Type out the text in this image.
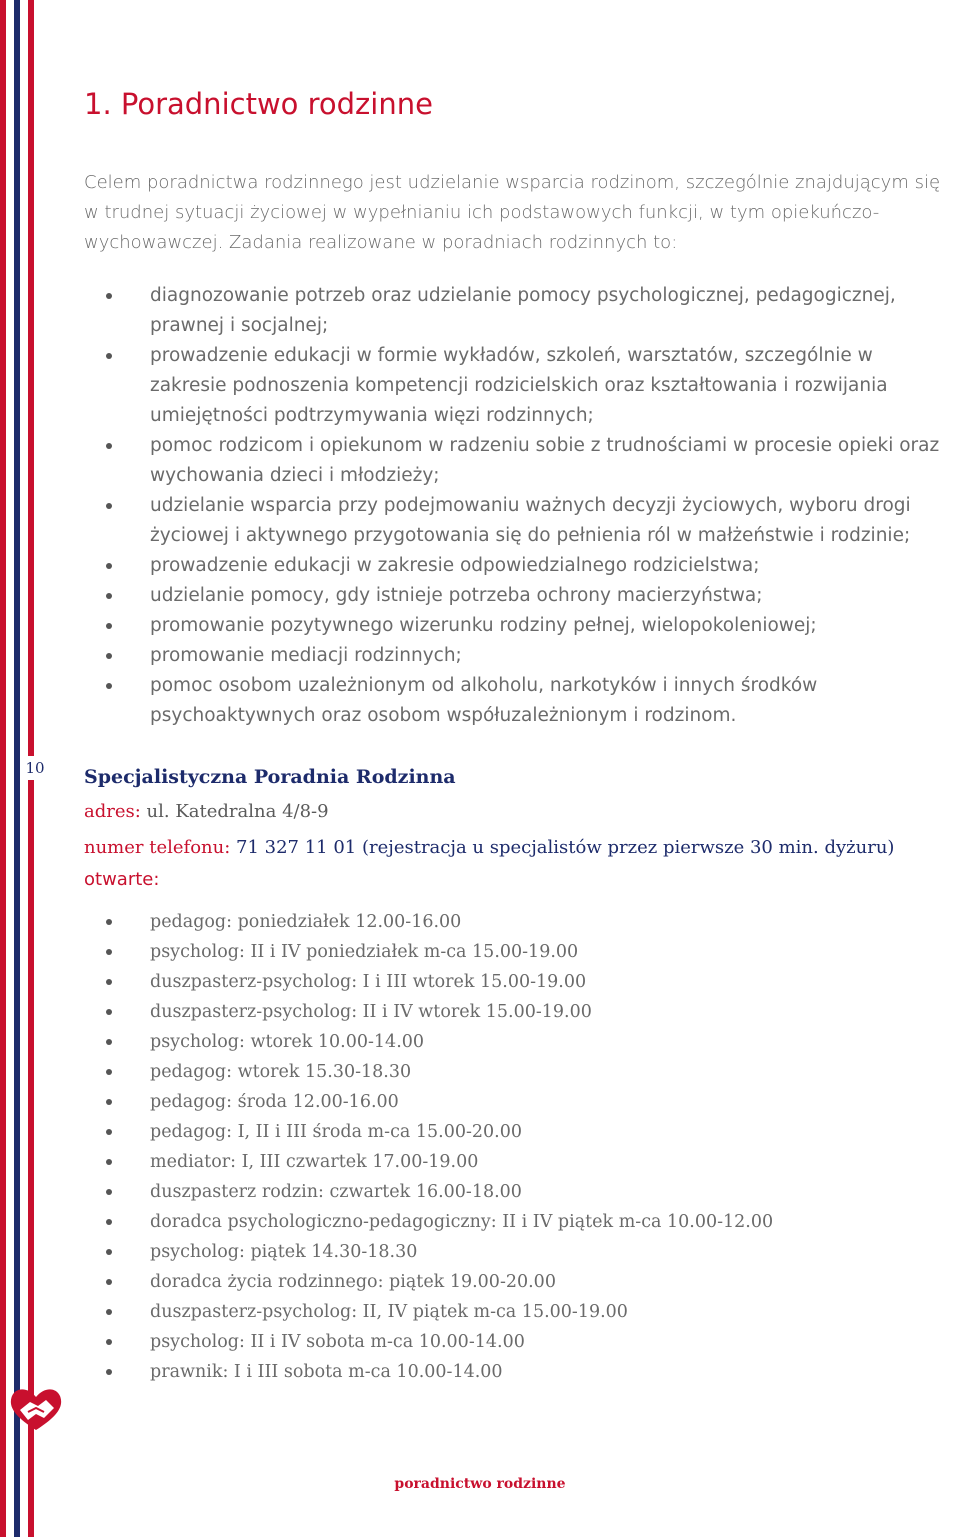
10
1. Poradnictwo rodzinne

Celem poradnictwa rodzinnego jest udzielanie wsparcia rodzinom, szczególnie znajdującym się w trudnej sytuacji życiowej w wypełnianiu ich podstawowych funkcji, w tym opiekuńczo-wychowawczej. Zadania realizowane w poradniach rodzinnych to:

diagnozowanie potrzeb oraz udzielanie pomocy psychologicznej, pedagogicznej, prawnej i socjalnej;
prowadzenie edukacji w formie wykładów, szkoleń, warsztatów, szczególnie w zakresie podnoszenia kompetencji rodzicielskich oraz kształtowania i rozwijania umiejętności podtrzymywania więzi rodzinnych;
pomoc rodzicom i opiekunom w radzeniu sobie z trudnościami w procesie opieki oraz wychowania dzieci i młodzieży;
udzielanie wsparcia przy podejmowaniu ważnych decyzji życiowych, wyboru drogi życiowej i aktywnego przygotowania się do pełnienia ról w małżeństwie i rodzinie;
prowadzenie edukacji w zakresie odpowiedzialnego rodzicielstwa;
udzielanie pomocy, gdy istnieje potrzeba ochrony macierzyństwa;
promowanie pozytywnego wizerunku rodziny pełnej, wielopokoleniowej;
promowanie mediacji rodzinnych;
pomoc osobom uzależnionym od alkoholu, narkotyków i innych środków psychoaktywnych oraz osobom współuzależnionym i rodzinom.
Specjalistyczna Poradnia Rodzinna
adres: ul. Katedralna 4/8-9
numer telefonu: 71 327 11 01 (rejestracja u specjalistów przez pierwsze 30 min. dyżuru)
otwarte:
pedagog: poniedziałek 12.00-16.00
psycholog: II i IV poniedziałek m-ca 15.00-19.00
duszpasterz-psycholog: I i III wtorek 15.00-19.00
duszpasterz-psycholog: II i IV wtorek 15.00-19.00
psycholog: wtorek 10.00-14.00
pedagog: wtorek 15.30-18.30
pedagog: środa 12.00-16.00
pedagog: I, II i III środa m-ca 15.00-20.00
mediator: I, III czwartek 17.00-19.00
duszpasterz rodzin: czwartek 16.00-18.00
doradca psychologiczno-pedagogiczny: II i IV piątek m-ca 10.00-12.00
psycholog: piątek 14.30-18.30
doradca życia rodzinnego: piątek 19.00-20.00
duszpasterz-psycholog: II, IV piątek m-ca 15.00-19.00
psycholog: II i IV sobota m-ca 10.00-14.00
prawnik: I i III sobota m-ca 10.00-14.00
poradnictwo rodzinne
